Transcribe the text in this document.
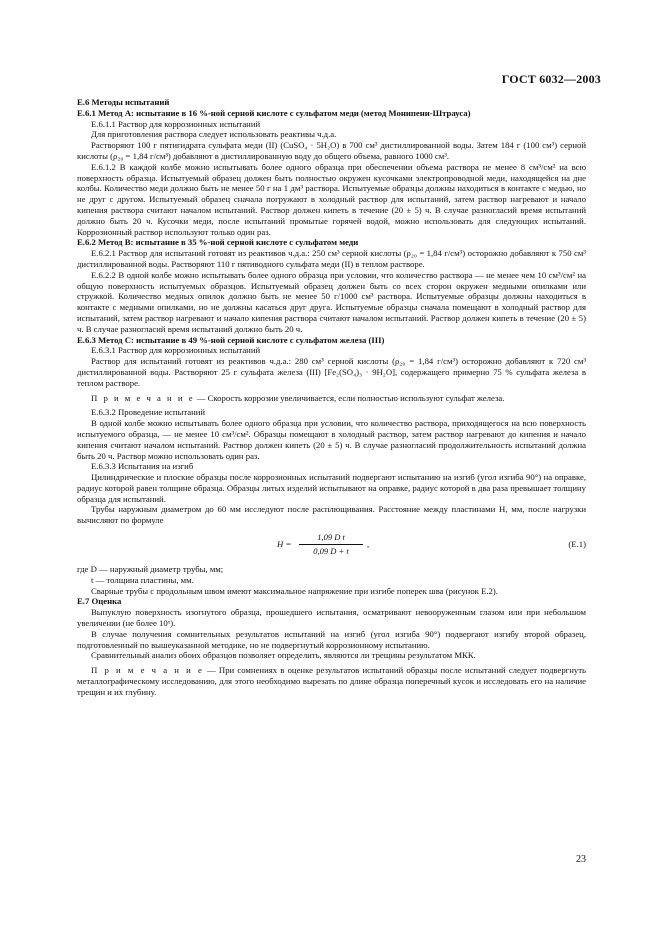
ГОСТ 6032—2003

Е.6 Методы испытаний

Е.6.1 Метод А: испытание в 16 %-ной серной кислоте с сульфатом меди (метод Монипени-Штрауса)

Е.6.1.1 Раствор для коррозионных испытаний

Для приготовления раствора следует использовать реактивы ч.д.а.

Растворяют 100 г пятигидрата сульфата меди (II) (CuSO₄ · 5H₂O) в 700 см³ дистиллированной воды. Затем 184 г (100 см³) серной кислоты (ρ₂₀ = 1,84 г/см³) добавляют в дистиллированную воду до общего объема, равного 1000 см³.

Е.6.1.2 В каждой колбе можно испытывать более одного образца при обеспечении объема раствора не менее 8 см³/см² на всю поверхность образца. Испытуемый образец должен быть полностью окружен кусочками электропроводной меди, находящейся на дне колбы. Количество меди должно быть не менее 50 г на 1 дм³ раствора. Испытуемые образцы должны находиться в контакте с медью, но не друг с другом. Испытуемый образец сначала погружают в холодный раствор для испытаний, затем раствор нагревают и начало кипения раствора считают началом испытаний. Раствор должен кипеть в течение (20 ± 5) ч. В случае разногласий время испытаний должно быть 20 ч. Кусочки меди, после испытаний промытые горячей водой, можно использовать для следующих испытаний. Коррозионный раствор используют только один раз.

Е.6.2 Метод В: испытание в 35 %-ной серной кислоте с сульфатом меди

Е.6.2.1 Раствор для испытаний готовят из реактивов ч.д.а.: 250 см³ серной кислоты (ρ₂₀ = 1,84 г/см³) осторожно добавляют к 750 см³ дистиллированной воды. Растворяют 110 г пятиводного сульфата меди (II) в теплом растворе.

Е.6.2.2 В одной колбе можно испытывать более одного образца при условии, что количество раствора — не менее чем 10 см³/см² на общую поверхность испытуемых образцов. Испытуемый образец должен быть со всех сторон окружен медными опилками или стружкой. Количество медных опилок должно быть не менее 50 г/1000 см³ раствора. Испытуемые образцы должны находиться в контакте с медными опилками, но не должны касаться друг друга. Испытуемые образцы сначала помещают в холодный раствор для испытаний, затем раствор нагревают и начало кипения раствора считают началом испытаний. Раствор должен кипеть в течение (20 ± 5) ч. В случае разногласий время испытаний должно быть 20 ч.

Е.6.3 Метод С: испытание в 49 %-ной серной кислоте с сульфатом железа (III)

Е.6.3.1 Раствор для коррозионных испытаний

Раствор для испытаний готовят из реактивов ч.д.а.: 280 см³ серной кислоты (ρ₂₀ = 1,84 г/см³) осторожно добавляют к 720 см³ дистиллированной воды. Растворяют 25 г сульфата железа (III) [Fe₂(SO₄)₃ · 9H₂O], содержащего примерно 75 % сульфата железа в теплом растворе.

П р и м е ч а н и е — Скорость коррозии увеличивается, если полностью используют сульфат железа.

Е.6.3.2 Проведение испытаний

В одной колбе можно испытывать более одного образца при условии, что количество раствора, приходящегося на всю поверхность испытуемого образца, — не менее 10 см³/см². Образцы помещают в холодный раствор, затем раствор нагревают до кипения и начало кипения считают началом испытаний. Раствор должен кипеть (20 ± 5) ч. В случае разногласий продолжительность испытаний должна быть 20 ч. Раствор можно использовать один раз.

Е.6.3.3 Испытания на изгиб

Цилиндрические и плоские образцы после коррозионных испытаний подвергают испытанию на изгиб (угол изгиба 90°) на оправке, радиус которой равен толщине образца. Образцы литых изделий испытывают на оправке, радиус которой в два раза превышает толщину образца для испытаний.

Трубы наружным диаметром до 60 мм исследуют после расплющивания. Расстояние между пластинами H, мм, после нагрузки вычисляют по формуле

$H = \frac{\text{1,09 D t}}{0,09 D + t}$ ,	(Е.1)

где D — наружный диаметр трубы, мм;

t — толщина пластины, мм.

Сварные трубы с продольным швом имеют максимальное напряжение при изгибе поперек шва (рисунок Е.2).

Е.7 Оценка

Выпуклую поверхность изогнутого образца, прошедшего испытания, осматривают невооруженным глазом или при небольшом увеличении (не более 10ˣ).

В случае получения сомнительных результатов испытаний на изгиб (угол изгиба 90°) подвергают изгибу второй образец, подготовленный по вышеуказанной методике, но не подвергнутый коррозионному испытанию.

Сравнительный анализ обоих образцов позволяет определить, являются ли трещины результатом МКК.

П р и м е ч а н и е — При сомнениях в оценке результатов испытаний образцы после испытаний следует подвергнуть металлографическому исследованию, для этого необходимо вырезать по длине образца поперечный кусок и исследовать его на наличие трещин и их глубину.

23
